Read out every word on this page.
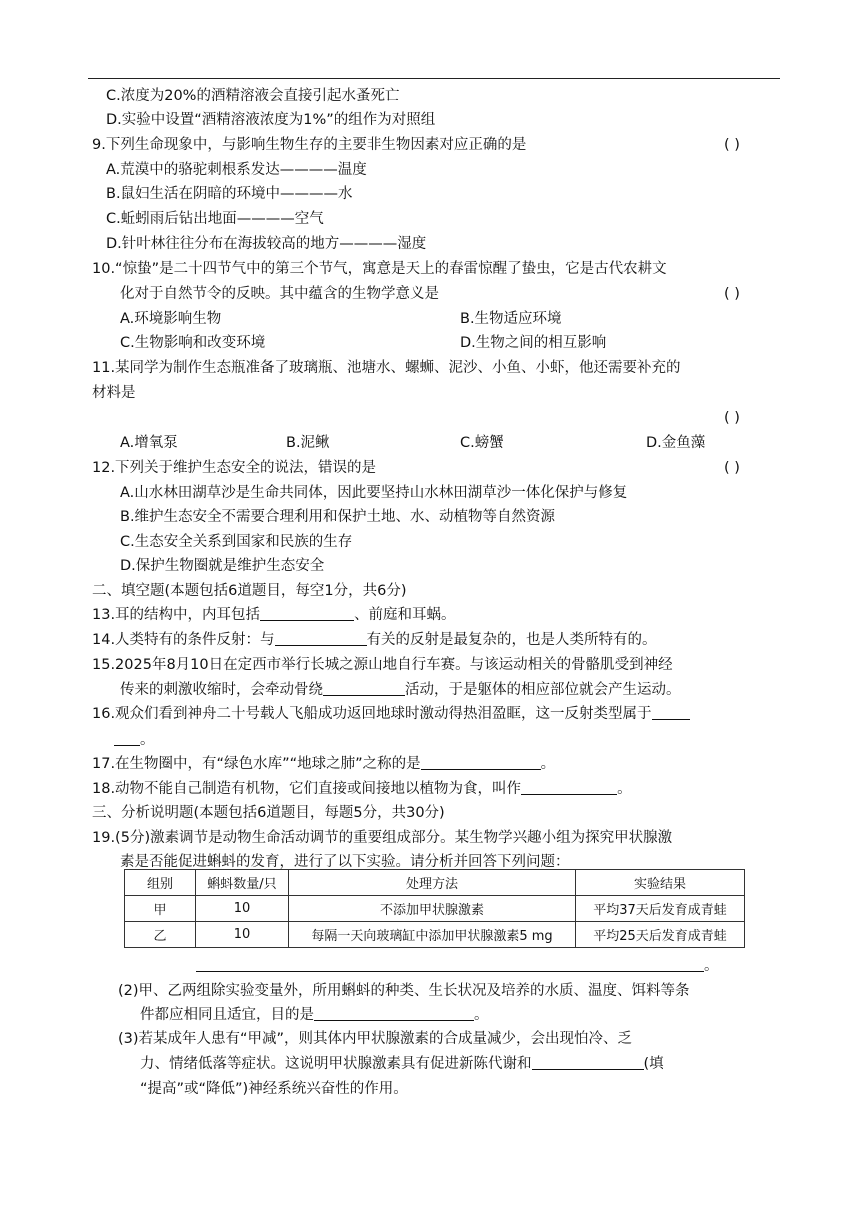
C.浓度为20%的酒精溶液会直接引起水蚤死亡
D.实验中设置“酒精溶液浓度为1%”的组作为对照组
9.下列生命现象中，与影响生物生存的主要非生物因素对应正确的是	( )
A.荒漠中的骆驼刺根系发达————温度
B.鼠妇生活在阴暗的环境中————水
C.蚯蚓雨后钻出地面————空气
D.针叶林往往分布在海拔较高的地方————湿度
10.“惊蛰”是二十四节气中的第三个节气，寓意是天上的春雷惊醒了蛰虫，它是古代农耕文
化对于自然节令的反映。其中蕴含的生物学意义是	( )
A.环境影响生物	B.生物适应环境
C.生物影响和改变环境	D.生物之间的相互影响
11.某同学为制作生态瓶准备了玻璃瓶、池塘水、螺蛳、泥沙、小鱼、小虾，他还需要补充的
材料是
( )
A.增氧泵	B.泥鳅	C.螃蟹	D.金鱼藻
12.下列关于维护生态安全的说法，错误的是	( )
A.山水林田湖草沙是生命共同体，因此要坚持山水林田湖草沙一体化保护与修复
B.维护生态安全不需要合理利用和保护土地、水、动植物等自然资源
C.生态安全关系到国家和民族的生存
D.保护生物圈就是维护生态安全
二、填空题(本题包括6道题目，每空1分，共6分)
13.耳的结构中，内耳包括	、前庭和耳蜗。
14.人类特有的条件反射：与	有关的反射是最复杂的，也是人类所特有的。
15.2025年8月10日在定西市举行长城之源山地自行车赛。与该运动相关的骨骼肌受到神经
传来的刺激收缩时，会牵动骨绕	活动，于是躯体的相应部位就会产生运动。
16.观众们看到神舟二十号载人飞船成功返回地球时激动得热泪盈眶，这一反射类型属于
。
17.在生物圈中，有“绿色水库”“地球之肺”之称的是	。
18.动物不能自己制造有机物，它们直接或间接地以植物为食，叫作	。
三、分析说明题(本题包括6道题目，每题5分，共30分)
19.(5分)激素调节是动物生命活动调节的重要组成部分。某生物学兴趣小组为探究甲状腺激
素是否能促进蝌蚪的发育，进行了以下实验。请分析并回答下列问题：
组别	蝌蚪数量/只	处理方法	实验结果
甲	10	不添加甲状腺激素	平均37天后发育成青蛙
乙	10	每隔一天向玻璃缸中添加甲状腺激素5 mg	平均25天后发育成青蛙
。
(2)甲、乙两组除实验变量外，所用蝌蚪的种类、生长状况及培养的水质、温度、饵料等条
件都应相同且适宜，目的是	。
(3)若某成年人患有“甲减”，则其体内甲状腺激素的合成量减少，会出现怕冷、乏
力、情绪低落等症状。这说明甲状腺激素具有促进新陈代谢和	(填
“提高”或“降低”)神经系统兴奋性的作用。
